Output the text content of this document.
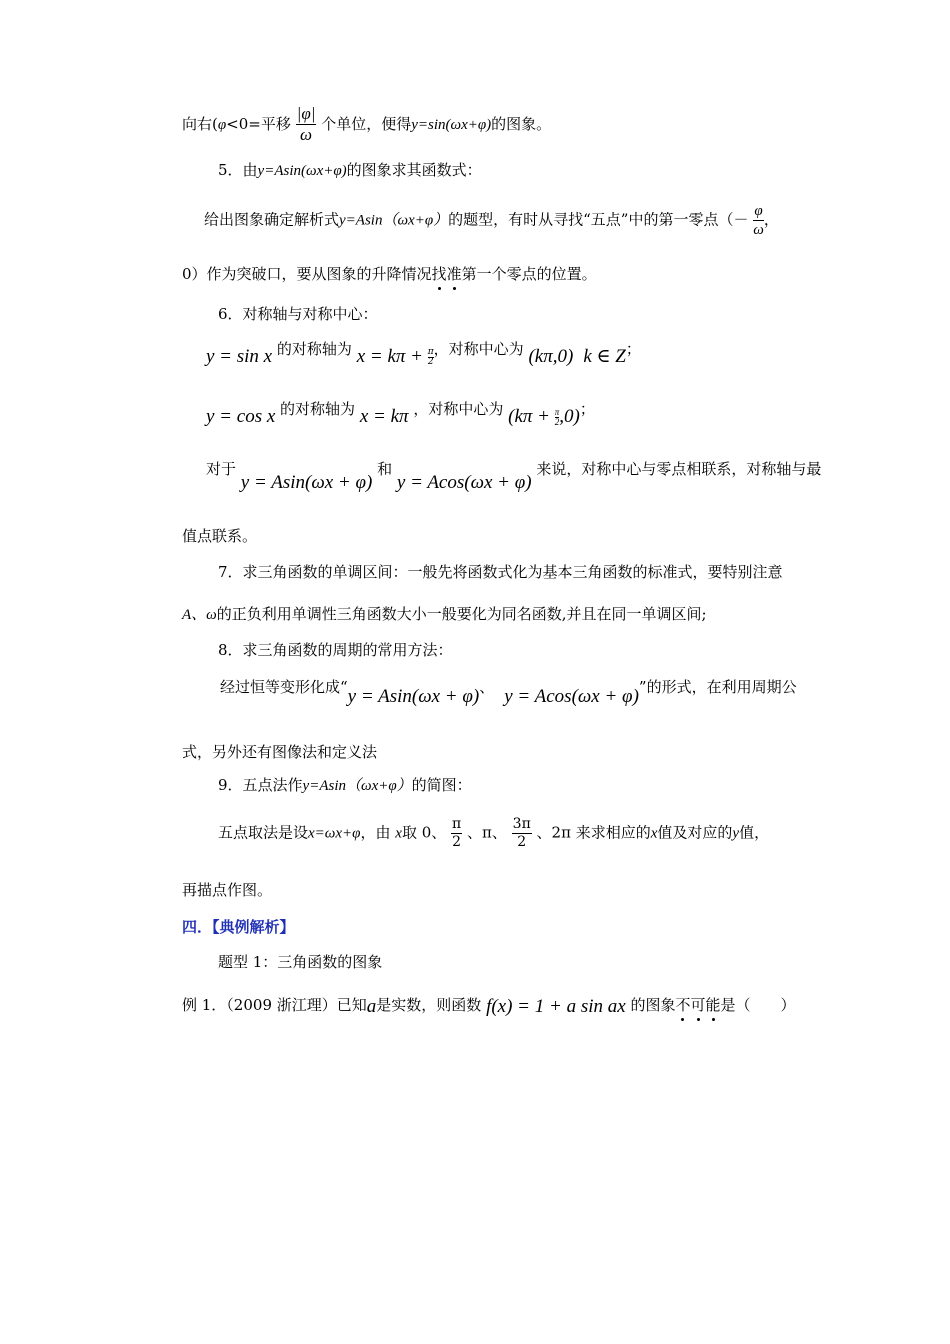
向右(φ<0=平移 $\frac{|\varphi|}{\omega}$ 个单位，便得y=sin(ωx+φ)的图象。
5．由y=Asin(ωx+φ)的图象求其函数式：
给出图象确定解析式y=Asin（ωx+φ）的题型，有时从寻找“五点”中的第一零点（－ $\frac{\varphi}{\omega}$ ，
0）作为突破口，要从图象的升降情况找准第一个零点的位置。
6．对称轴与对称中心：
y = sin x 的对称轴为 $x = k\pi + \frac{\pi}{2}$，对称中心为 (kπ,0) k ∈ Z；
y = cos x 的对称轴为 x = kπ ，对称中心为 $(k\pi + \frac{\pi}{2},0)$；
对于 y = Asin(ωx + φ) 和 y = Acos(ωx + φ) 来说，对称中心与零点相联系，对称轴与最
值点联系。
7．求三角函数的单调区间：一般先将函数式化为基本三角函数的标准式，要特别注意
A、ω的正负利用单调性三角函数大小一般要化为同名函数,并且在同一单调区间;
8．求三角函数的周期的常用方法：
经过恒等变形化成“y = Asin(ωx + φ)、 y = Acos(ωx + φ)”的形式，在利用周期公
式，另外还有图像法和定义法
9．五点法作y=Asin（ωx+φ）的简图：
五点取法是设x=ωx+φ，由 x取 0、 $\frac{\pi}{2}$ 、π、 $\frac{3\pi}{2}$ 、2π 来求相应的x值及对应的y值，
再描点作图。
四．【典例解析】
题型 1：三角函数的图象
例 1．（2009 浙江理）已知a是实数，则函数 f(x) = 1 + a sin ax 的图象不可能是（　　）
